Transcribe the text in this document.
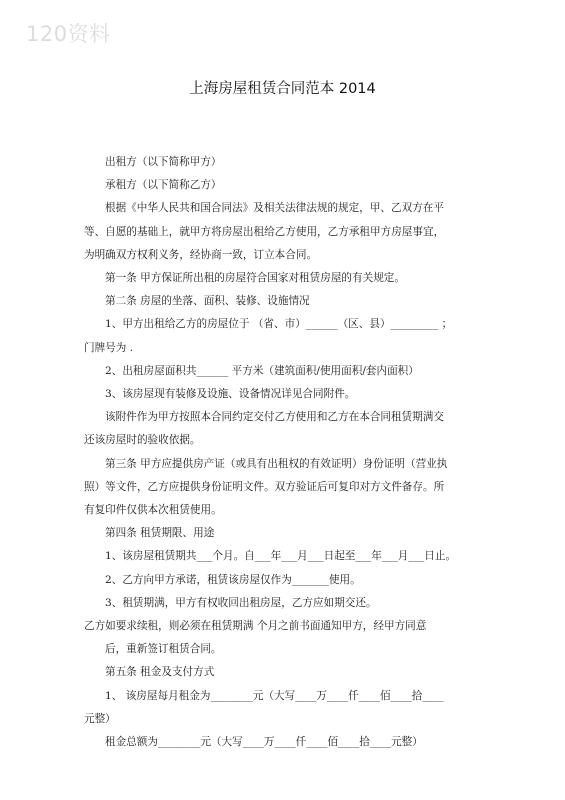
120资料
上海房屋租赁合同范本 2014

出租方（以下简称甲方）

承租方（以下简称乙方）

根据《中华人民共和国合同法》及相关法律法规的规定，甲、乙双方在平

等、自愿的基础上，就甲方将房屋出租给乙方使用，乙方承租甲方房屋事宜，

为明确双方权利义务，经协商一致，订立本合同。

第一条 甲方保证所出租的房屋符合国家对租赁房屋的有关规定。

第二条 房屋的坐落、面积、装修、设施情况

1、甲方出租给乙方的房屋位于 （省、市）______（区、县）_________ ；

门牌号为 .

2、出租房屋面积共______ 平方米（建筑面积/使用面积/套内面积）

3、该房屋现有装修及设施、设备情况详见合同附件。

该附件作为甲方按照本合同约定交付乙方使用和乙方在本合同租赁期满交

还该房屋时的验收依据。

第三条 甲方应提供房产证（或具有出租权的有效证明）身份证明（营业执

照）等文件，乙方应提供身份证明文件。双方验证后可复印对方文件备存。所

有复印件仅供本次租赁使用。

第四条 租赁期限、用途

1、该房屋租赁期共___个月。自___年___月___日起至___年___月___日止。

2、乙方向甲方承诺，租赁该房屋仅作为_______使用。

3、租赁期满，甲方有权收回出租房屋，乙方应如期交还。

乙方如要求续租，则必须在租赁期满 个月之前书面通知甲方，经甲方同意

后，重新签订租赁合同。

第五条 租金及支付方式

1、 该房屋每月租金为________元（大写____万____仟____佰____拾____

元整）

租金总额为________元（大写____万____仟____佰____拾____元整）
